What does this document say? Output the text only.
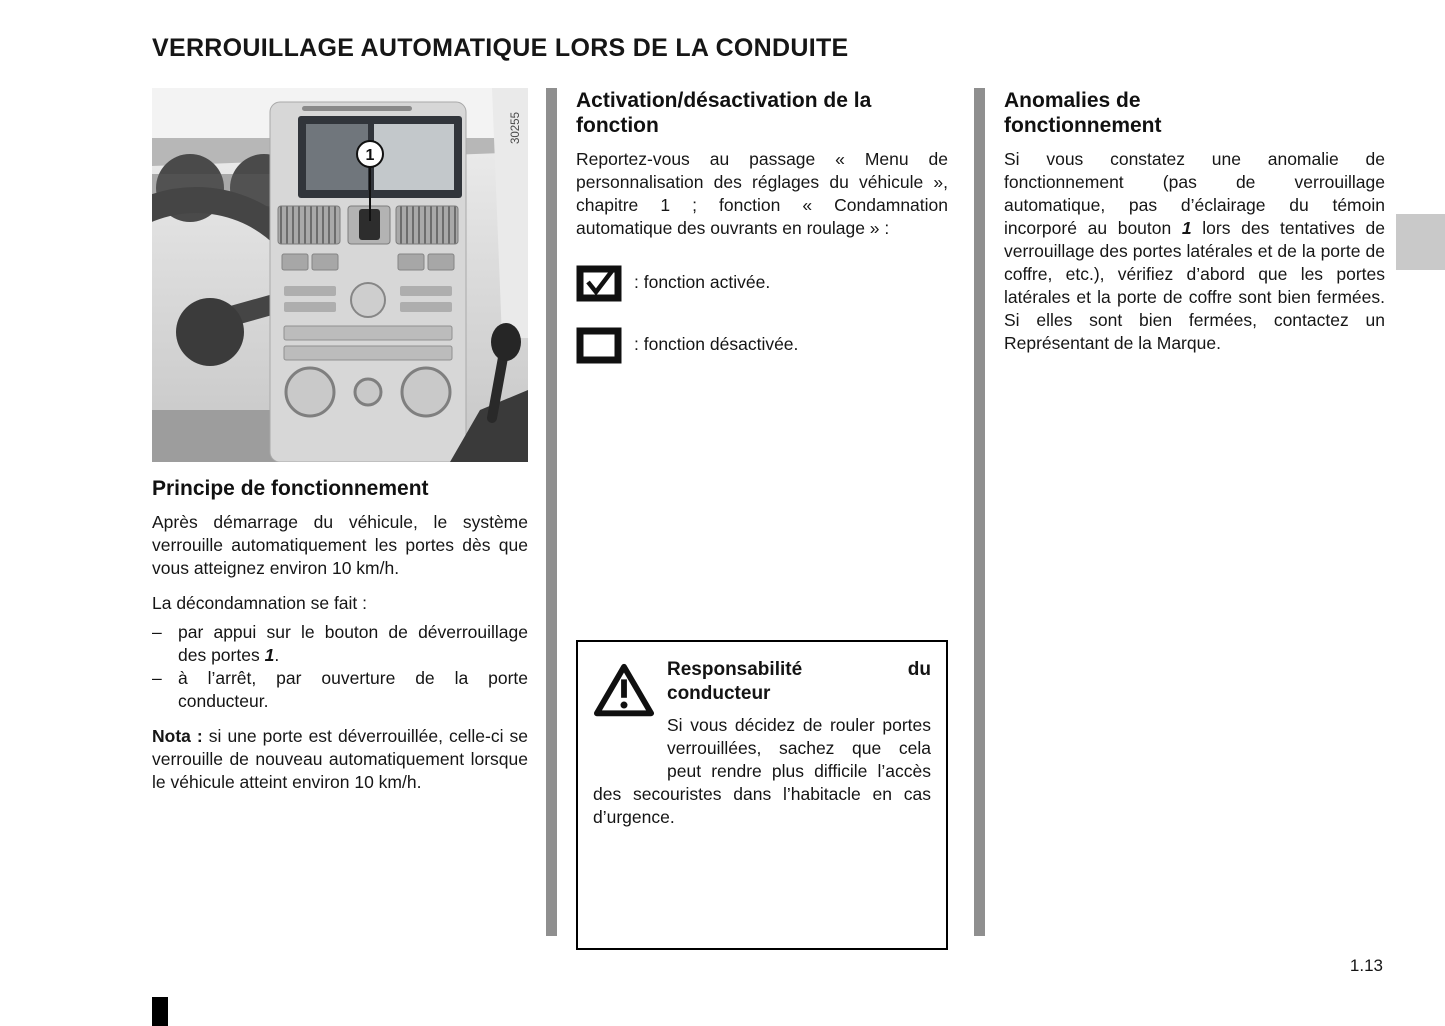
VERROUILLAGE AUTOMATIQUE LORS DE LA CONDUITE
1
30255
Principe de fonctionnement

Après démarrage du véhicule, le système verrouille automatiquement les portes dès que vous atteignez environ 10 km/h.

La décondamnation se fait :

– par appui sur le bouton de déverrouillage des portes 1.
– à l’arrêt, par ouverture de la porte conducteur.

Nota : si une porte est déverrouillée, celle-ci se verrouille de nouveau automatiquement lorsque le véhicule atteint environ 10 km/h.

Activation/désactivation de la fonction

Reportez-vous au passage « Menu de personnalisation des réglages du véhicule », chapitre 1 ; fonction « Condamnation automatique des ouvrants en roulage » :

: fonction activée.
: fonction désactivée.
Responsabilité du conducteur

Si vous décidez de rouler portes verrouillées, sachez que cela peut rendre plus difficile l’accès des secouristes dans l’habitacle en cas d’urgence.

Anomalies de fonctionnement

Si vous constatez une anomalie de fonctionnement (pas de verrouillage automatique, pas d’éclairage du témoin incorporé au bouton 1 lors des tentatives de verrouillage des portes latérales et de la porte de coffre, etc.), vérifiez d’abord que les portes latérales et la porte de coffre sont bien fermées. Si elles sont bien fermées, contactez un Représentant de la Marque.

1.13
